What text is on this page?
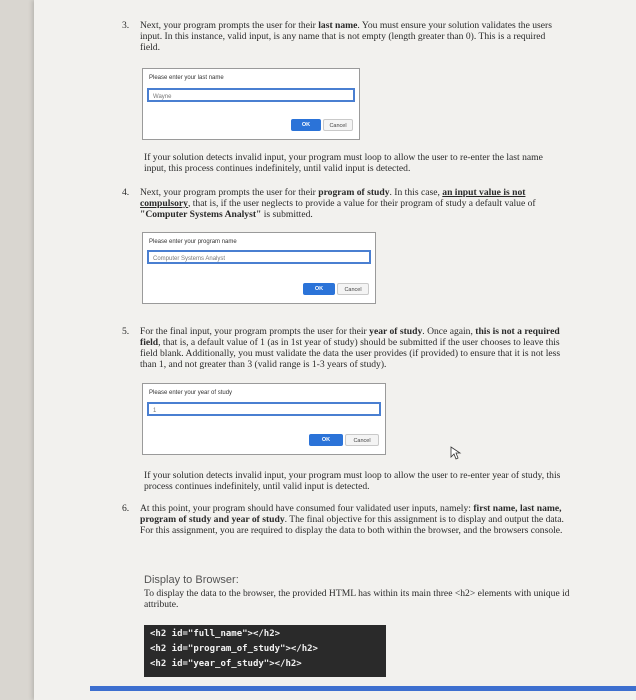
3. Next, your program prompts the user for their last name. You must ensure your solution validates the users input. In this instance, valid input, is any name that is not empty (length greater than 0). This is a required field.
Please enter your last name
Wayne
OK	Cancel
If your solution detects invalid input, your program must loop to allow the user to re-enter the last name input, this process continues indefinitely, until valid input is detected.
4. Next, your program prompts the user for their program of study. In this case, an input value is not compulsory, that is, if the user neglects to provide a value for their program of study a default value of "Computer Systems Analyst" is submitted.
Please enter your program name
Computer Systems Analyst
OK	Cancel
5. For the final input, your program prompts the user for their year of study. Once again, this is not a required field, that is, a default value of 1 (as in 1st year of study) should be submitted if the user chooses to leave this field blank. Additionally, you must validate the data the user provides (if provided) to ensure that it is not less than 1, and not greater than 3 (valid range is 1-3 years of study).
Please enter your year of study
1
OK	Cancel
If your solution detects invalid input, your program must loop to allow the user to re-enter year of study, this process continues indefinitely, until valid input is detected.
6. At this point, your program should have consumed four validated user inputs, namely: first name, last name, program of study and year of study. The final objective for this assignment is to display and output the data. For this assignment, you are required to display the data to both within the browser, and the browsers console.
Display to Browser:
To display the data to the browser, the provided HTML has within its main three <h2> elements with unique id attribute.
<h2 id="full_name"></h2>
<h2 id="program_of_study"></h2>
<h2 id="year_of_study"></h2>
